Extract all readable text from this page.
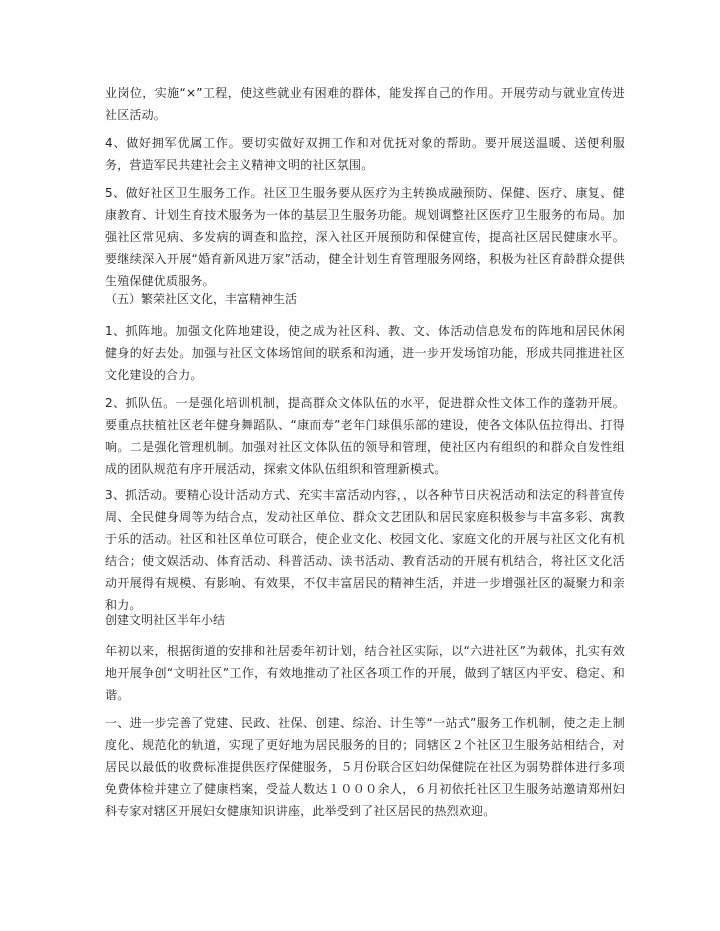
业岗位，实施“×”工程，使这些就业有困难的群体，能发挥自己的作用。开展劳动与就业宣传进社区活动。

4、做好拥军优属工作。要切实做好双拥工作和对优抚对象的帮助。要开展送温暖、送便利服务，营造军民共建社会主义精神文明的社区氛围。

5、做好社区卫生服务工作。社区卫生服务要从医疗为主转换成融预防、保健、医疗、康复、健康教育、计划生育技术服务为一体的基层卫生服务功能。规划调整社区医疗卫生服务的布局。加强社区常见病、多发病的调查和监控，深入社区开展预防和保健宣传，提高社区居民健康水平。要继续深入开展“婚育新风进万家”活动，健全计划生育管理服务网络，积极为社区育龄群众提供生殖保健优质服务。

（五）繁荣社区文化，丰富精神生活

1、抓阵地。加强文化阵地建设，使之成为社区科、教、文、体活动信息发布的阵地和居民休闲健身的好去处。加强与社区文体场馆间的联系和沟通，进一步开发场馆功能，形成共同推进社区文化建设的合力。

2、抓队伍。一是强化培训机制，提高群众文体队伍的水平，促进群众性文体工作的蓬勃开展。要重点扶植社区老年健身舞蹈队、“康而寿”老年门球俱乐部的建设，使各文体队伍拉得出、打得响。二是强化管理机制。加强对社区文体队伍的领导和管理，使社区内有组织的和群众自发性组成的团队规范有序开展活动，探索文体队伍组织和管理新模式。

3、抓活动。要精心设计活动方式、充实丰富活动内容，，以各种节日庆祝活动和法定的科普宣传周、全民健身周等为结合点，发动社区单位、群众文艺团队和居民家庭积极参与丰富多彩、寓教于乐的活动。社区和社区单位可联合，使企业文化、校园文化、家庭文化的开展与社区文化有机结合；使文娱活动、体育活动、科普活动、读书活动、教育活动的开展有机结合，将社区文化活动开展得有规模、有影响、有效果，不仅丰富居民的精神生活，并进一步增强社区的凝聚力和亲和力。

创建文明社区半年小结

年初以来，根据街道的安排和社居委年初计划，结合社区实际，以“六进社区”为载体，扎实有效地开展争创“文明社区”工作，有效地推动了社区各项工作的开展，做到了辖区内平安、稳定、和谐。

一、进一步完善了党建、民政、社保、创建、综治、计生等“一站式”服务工作机制，使之走上制度化、规范化的轨道，实现了更好地为居民服务的目的；同辖区２个社区卫生服务站相结合，对居民以最低的收费标准提供医疗保健服务，５月份联合区妇幼保健院在社区为弱势群体进行多项免费体检并建立了健康档案，受益人数达１０００余人，６月初依托社区卫生服务站邀请郑州妇科专家对辖区开展妇女健康知识讲座，此举受到了社区居民的热烈欢迎。
